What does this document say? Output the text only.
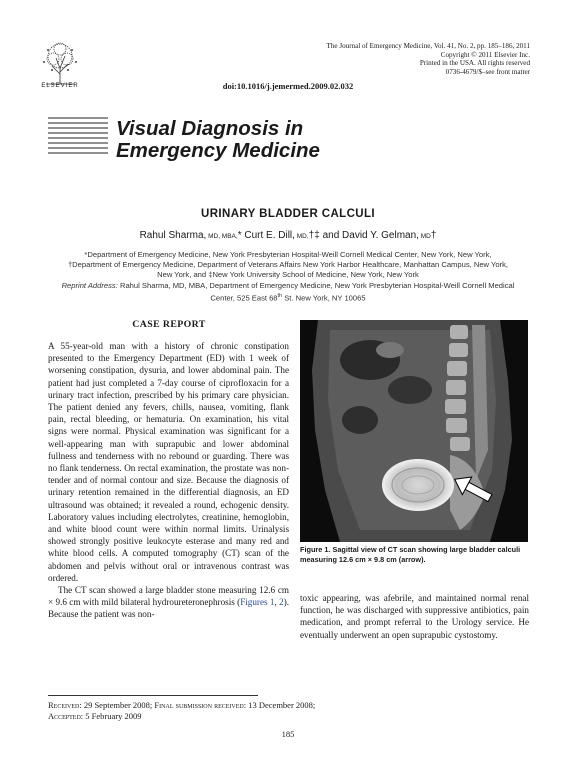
ELSEVIER
The Journal of Emergency Medicine, Vol. 41, No. 2, pp. 185–186, 2011
Copyright © 2011 Elsevier Inc.
Printed in the USA. All rights reserved
0736-4679/$–see front matter
doi:10.1016/j.jemermed.2009.02.032
Visual Diagnosis in
Emergency Medicine
URINARY BLADDER CALCULI
Rahul Sharma, MD, MBA,* Curt E. Dill, MD,†‡ and David Y. Gelman, MD†
*Department of Emergency Medicine, New York Presbyterian Hospital-Weill Cornell Medical Center, New York, New York,
†Department of Emergency Medicine, Department of Veterans Affairs New York Harbor Healthcare, Manhattan Campus, New York,
New York, and ‡New York University School of Medicine, New York, New York
Reprint Address: Rahul Sharma, MD, MBA, Department of Emergency Medicine, New York Presbyterian Hospital-Weill Cornell Medical
Center, 525 East 68th St. New York, NY 10065
CASE REPORT

A 55-year-old man with a history of chronic constipation presented to the Emergency Department (ED) with 1 week of worsening constipation, dysuria, and lower abdominal pain. The patient had just completed a 7-day course of ciprofloxacin for a urinary tract infection, prescribed by his primary care physician. The patient denied any fevers, chills, nausea, vomiting, flank pain, rectal bleeding, or hematuria. On examination, his vital signs were normal. Physical examination was significant for a well-appearing man with suprapubic and lower abdominal fullness and tenderness with no rebound or guarding. There was no flank tenderness. On rectal examination, the prostate was non-tender and of normal contour and size. Because the diagnosis of urinary retention remained in the differential diagnosis, an ED ultrasound was obtained; it revealed a round, echogenic density. Laboratory values including electrolytes, creatinine, hemoglobin, and white blood count were within normal limits. Urinalysis showed strongly positive leukocyte esterase and many red and white blood cells. A computed tomography (CT) scan of the abdomen and pelvis without oral or intravenous contrast was ordered.

The CT scan showed a large bladder stone measuring 12.6 cm × 9.6 cm with mild bilateral hydroureteronephrosis (Figures 1, 2). Because the patient was non-

Figure 1. Sagittal view of CT scan showing large bladder calculi measuring 12.6 cm × 9.8 cm (arrow).

toxic appearing, was afebrile, and maintained normal renal function, he was discharged with suppressive antibiotics, pain medication, and prompt referral to the Urology service. He eventually underwent an open suprapubic cystostomy.

Received: 29 September 2008; Final submission received: 13 December 2008;
Accepted: 5 February 2009
185
